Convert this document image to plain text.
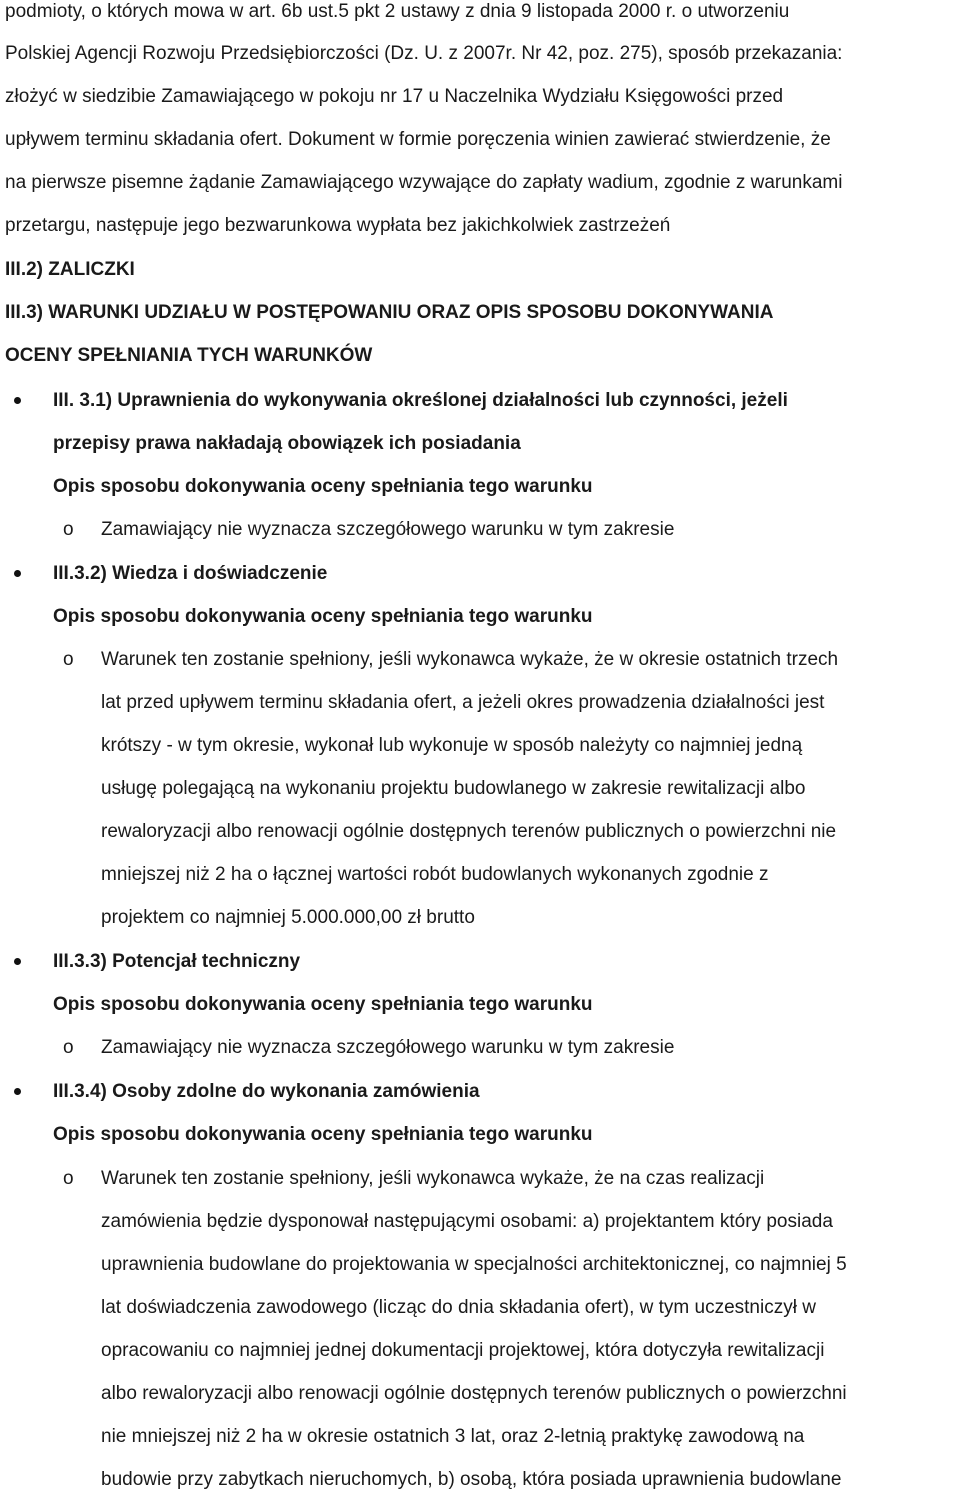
podmioty, o których mowa w art. 6b ust.5 pkt 2 ustawy z dnia 9 listopada 2000 r. o utworzeniu
Polskiej Agencji Rozwoju Przedsiębiorczości (Dz. U. z 2007r. Nr 42, poz. 275), sposób przekazania:
złożyć w siedzibie Zamawiającego w pokoju nr 17 u Naczelnika Wydziału Księgowości przed
upływem terminu składania ofert. Dokument w formie poręczenia winien zawierać stwierdzenie, że
na pierwsze pisemne żądanie Zamawiającego wzywające do zapłaty wadium, zgodnie z warunkami
przetargu, następuje jego bezwarunkowa wypłata bez jakichkolwiek zastrzeżeń
III.2) ZALICZKI
III.3) WARUNKI UDZIAŁU W POSTĘPOWANIU ORAZ OPIS SPOSOBU DOKONYWANIA
OCENY SPEŁNIANIA TYCH WARUNKÓW
III. 3.1) Uprawnienia do wykonywania określonej działalności lub czynności, jeżeli
przepisy prawa nakładają obowiązek ich posiadania
Opis sposobu dokonywania oceny spełniania tego warunku
o Zamawiający nie wyznacza szczegółowego warunku w tym zakresie
III.3.2) Wiedza i doświadczenie
Opis sposobu dokonywania oceny spełniania tego warunku
o Warunek ten zostanie spełniony, jeśli wykonawca wykaże, że w okresie ostatnich trzech
lat przed upływem terminu składania ofert, a jeżeli okres prowadzenia działalności jest
krótszy - w tym okresie, wykonał lub wykonuje w sposób należyty co najmniej jedną
usługę polegającą na wykonaniu projektu budowlanego w zakresie rewitalizacji albo
rewaloryzacji albo renowacji ogólnie dostępnych terenów publicznych o powierzchni nie
mniejszej niż 2 ha o łącznej wartości robót budowlanych wykonanych zgodnie z
projektem co najmniej 5.000.000,00 zł brutto
III.3.3) Potencjał techniczny
Opis sposobu dokonywania oceny spełniania tego warunku
o Zamawiający nie wyznacza szczegółowego warunku w tym zakresie
III.3.4) Osoby zdolne do wykonania zamówienia
Opis sposobu dokonywania oceny spełniania tego warunku
o Warunek ten zostanie spełniony, jeśli wykonawca wykaże, że na czas realizacji
zamówienia będzie dysponował następującymi osobami: a) projektantem który posiada
uprawnienia budowlane do projektowania w specjalności architektonicznej, co najmniej 5
lat doświadczenia zawodowego (licząc do dnia składania ofert), w tym uczestniczył w
opracowaniu co najmniej jednej dokumentacji projektowej, która dotyczyła rewitalizacji
albo rewaloryzacji albo renowacji ogólnie dostępnych terenów publicznych o powierzchni
nie mniejszej niż 2 ha w okresie ostatnich 3 lat, oraz 2-letnią praktykę zawodową na
budowie przy zabytkach nieruchomych, b) osobą, która posiada uprawnienia budowlane
